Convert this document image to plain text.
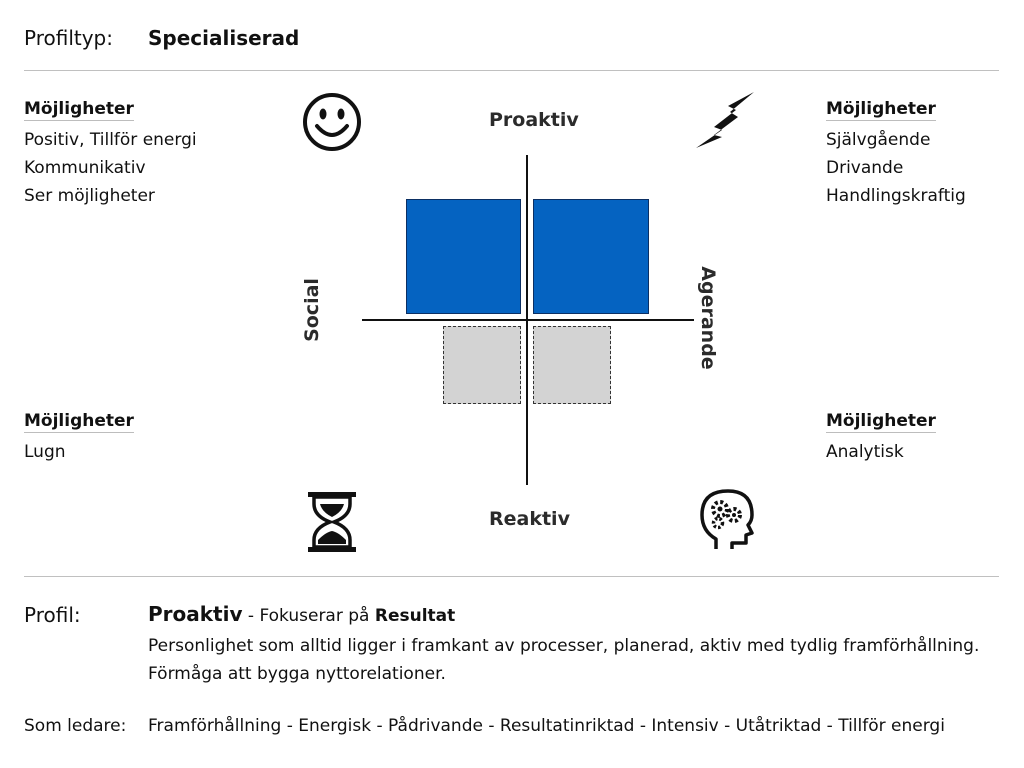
Profiltyp: Specialiserad
Möjligheter
Positiv, Tillför energi
Kommunikativ
Ser möjligheter
Möjligheter
Självgående
Drivande
Handlingskraftig
Möjligheter
Lugn
Möjligheter
Analytisk
Proaktiv
Reaktiv
Social	Agerande
Profil:	Proaktiv - Fokuserar på Resultat
Personlighet som alltid ligger i framkant av processer, planerad, aktiv med tydlig framförhållning.
Förmåga att bygga nyttorelationer.
Som ledare: Framförhållning - Energisk - Pådrivande - Resultatinriktad - Intensiv - Utåtriktad - Tillför energi
